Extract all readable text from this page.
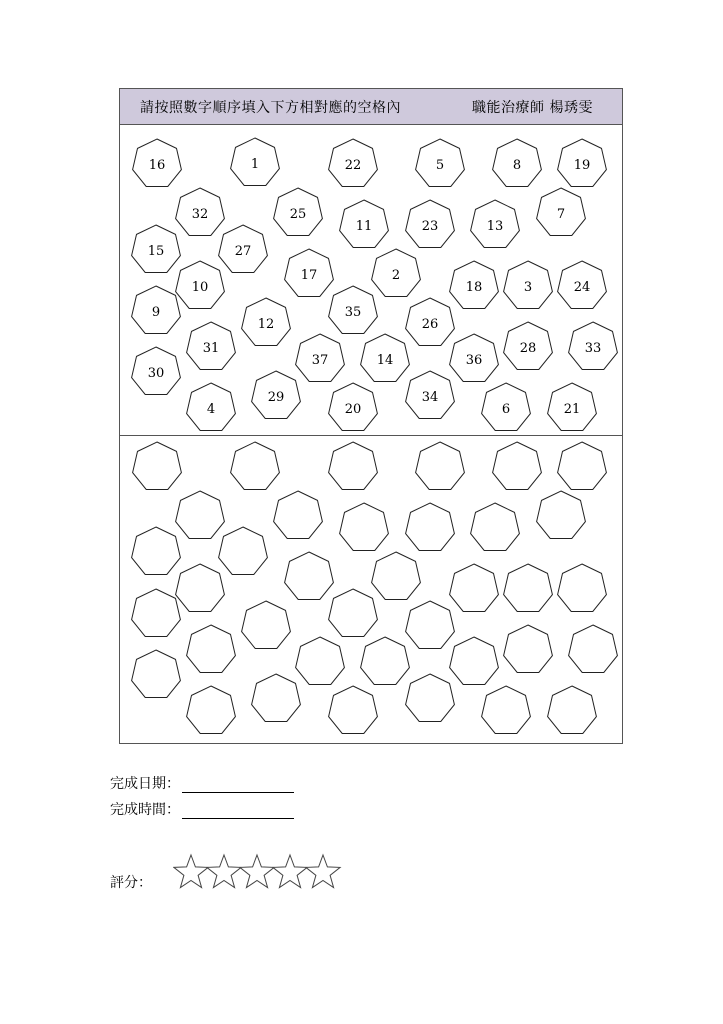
請按照數字順序填入下方相對應的空格內	職能治療師 楊琇雯
16	1	22	5	8	19
32	25
11	23	13
7
15	27
17	2
10	18	3	24
9	35
12	26
31	28	33
37	14	36
30
29	34
4	20	6	21
完成日期：
完成時間：
評分：
